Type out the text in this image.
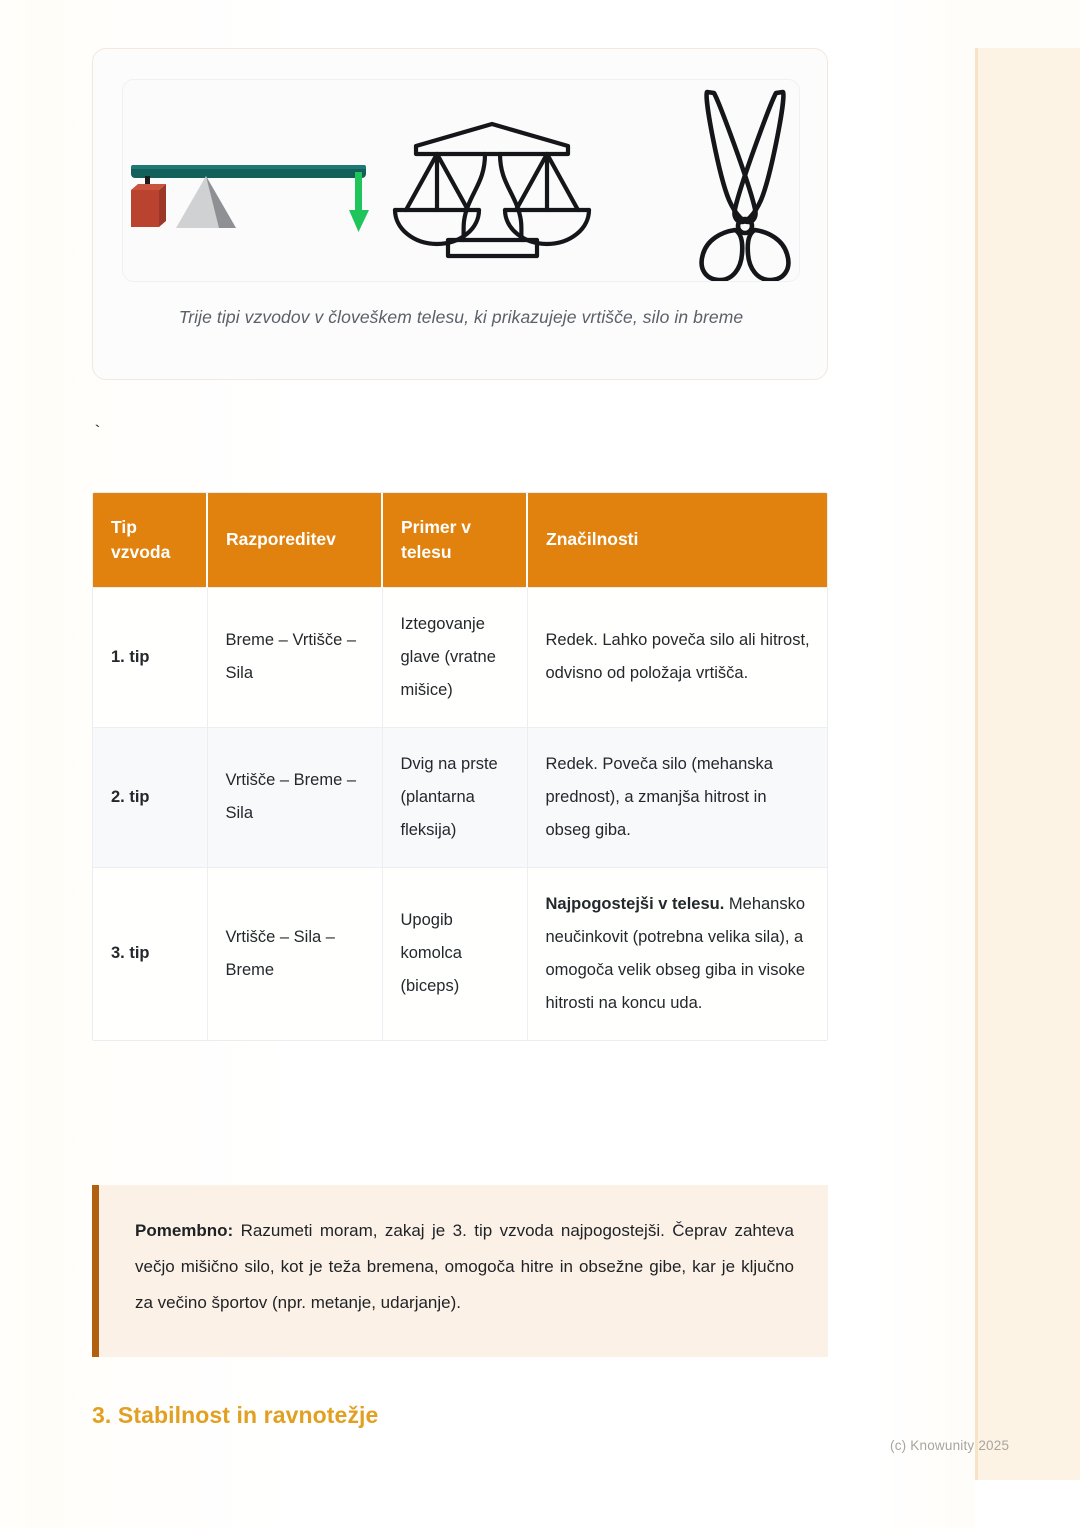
Trije tipi vzvodov v človeškem telesu, ki prikazujeje vrtišče, silo in breme
`
Tip vzvoda	Razporeditev	Primer v telesu	Značilnosti
1. tip	Breme – Vrtišče – Sila	Iztegovanje glave (vratne mišice)	Redek. Lahko poveča silo ali hitrost, odvisno od položaja vrtišča.
2. tip	Vrtišče – Breme – Sila	Dvig na prste (plantarna fleksija)	Redek. Poveča silo (mehanska prednost), a zmanjša hitrost in obseg giba.
3. tip	Vrtišče – Sila – Breme	Upogib komolca (biceps)	Najpogostejši v telesu. Mehansko neučinkovit (potrebna velika sila), a omogoča velik obseg giba in visoke hitrosti na koncu uda.

Pomembno: Razumeti moram, zakaj je 3. tip vzvoda najpogostejši. Čeprav zahteva večjo mišično silo, kot je teža bremena, omogoča hitre in obsežne gibe, kar je ključno za večino športov (npr. metanje, udarjanje).

3. Stabilnost in ravnotežje
(c) Knowunity 2025
